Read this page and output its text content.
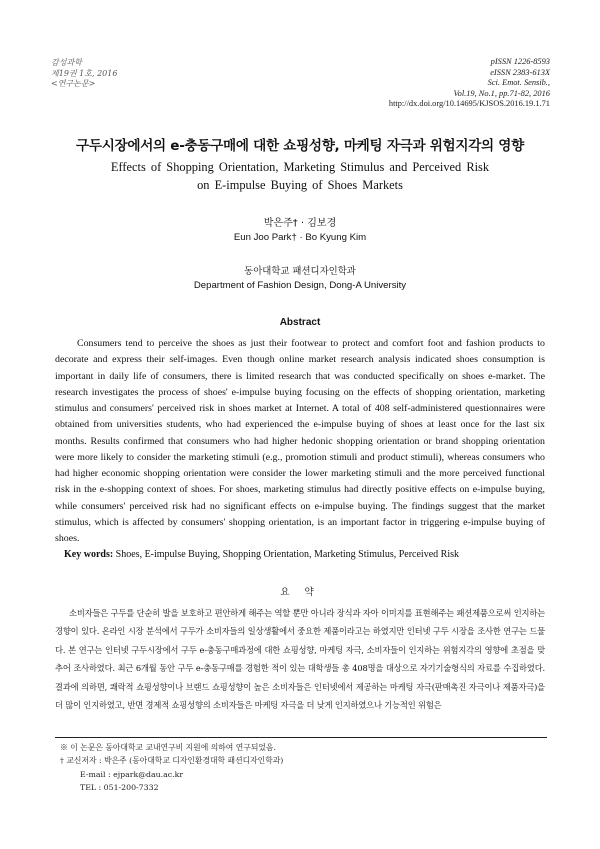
감성과학
제19권 1호, 2016
<연구논문>
pISSN 1226-8593
eISSN 2383-613X
Sci. Emot. Sensib.,
Vol.19, No.1, pp.71-82, 2016
http://dx.doi.org/10.14695/KJSOS.2016.19.1.71
구두시장에서의 e-충동구매에 대한 쇼핑성향, 마케팅 자극과 위험지각의 영향
Effects of Shopping Orientation, Marketing Stimulus and Perceived Risk
on E-impulse Buying of Shoes Markets
박은주† · 김보경
Eun Joo Park† · Bo Kyung Kim
동아대학교 패션디자인학과
Department of Fashion Design, Dong-A University
Abstract

Consumers tend to perceive the shoes as just their footwear to protect and comfort foot and fashion products to decorate and express their self-images. Even though online market research analysis indicated shoes consumption is important in daily life of consumers, there is limited research that was conducted specifically on shoes e-market. The research investigates the process of shoes' e-impulse buying focusing on the effects of shopping orientation, marketing stimulus and consumers' perceived risk in shoes market at Internet. A total of 408 self-administered questionnaires were obtained from universities students, who had experienced the e-impulse buying of shoes at least once for the last six months. Results confirmed that consumers who had higher hedonic shopping orientation or brand shopping orientation were more likely to consider the marketing stimuli (e.g., promotion stimuli and product stimuli), whereas consumers who had higher economic shopping orientation were consider the lower marketing stimuli and the more perceived functional risk in the e-shopping context of shoes. For shoes, marketing stimulus had directly positive effects on e-impulse buying, while consumers' perceived risk had no significant effects on e-impulse buying. The findings suggest that the market stimulus, which is affected by consumers' shopping orientation, is an important factor in triggering e-impulse buying of shoes.

Key words: Shoes, E-impulse Buying, Shopping Orientation, Marketing Stimulus, Perceived Risk
요 약

소비자들은 구두를 단순히 발을 보호하고 편안하게 해주는 역할 뿐만 아니라 장식과 자아 이미지를 표현해주는 패션제품으로써 인지하는 경향이 있다. 온라인 시장 분석에서 구두가 소비자들의 일상생활에서 중요한 제품이라고는 하였지만 인터넷 구두 시장을 조사한 연구는 드물다. 본 연구는 인터넷 구두시장에서 구두 e-충동구매과정에 대한 쇼핑성향, 마케팅 자극, 소비자들이 인지하는 위험지각의 영향에 초점을 맞추어 조사하였다. 최근 6개월 동안 구두 e-충동구매를 경험한 적이 있는 대학생들 총 408명을 대상으로 자기기술형식의 자료를 수집하였다. 결과에 의하면, 쾌락적 쇼핑성향이나 브랜드 쇼핑성향이 높은 소비자들은 인터넷에서 제공하는 마케팅 자극(판매촉진 자극이나 제품자극)을 더 많이 인지하였고, 반면 경제적 쇼핑성향의 소비자들은 마케팅 자극을 더 낮게 인지하였으나 기능적인 위험은

※ 이 논문은 동아대학교 교내연구비 지원에 의하여 연구되었음.
† 교신저자 : 박은주 (동아대학교 디자인환경대학 패션디자인학과)
E-mail : ejpark@dau.ac.kr
TEL : 051-200-7332
